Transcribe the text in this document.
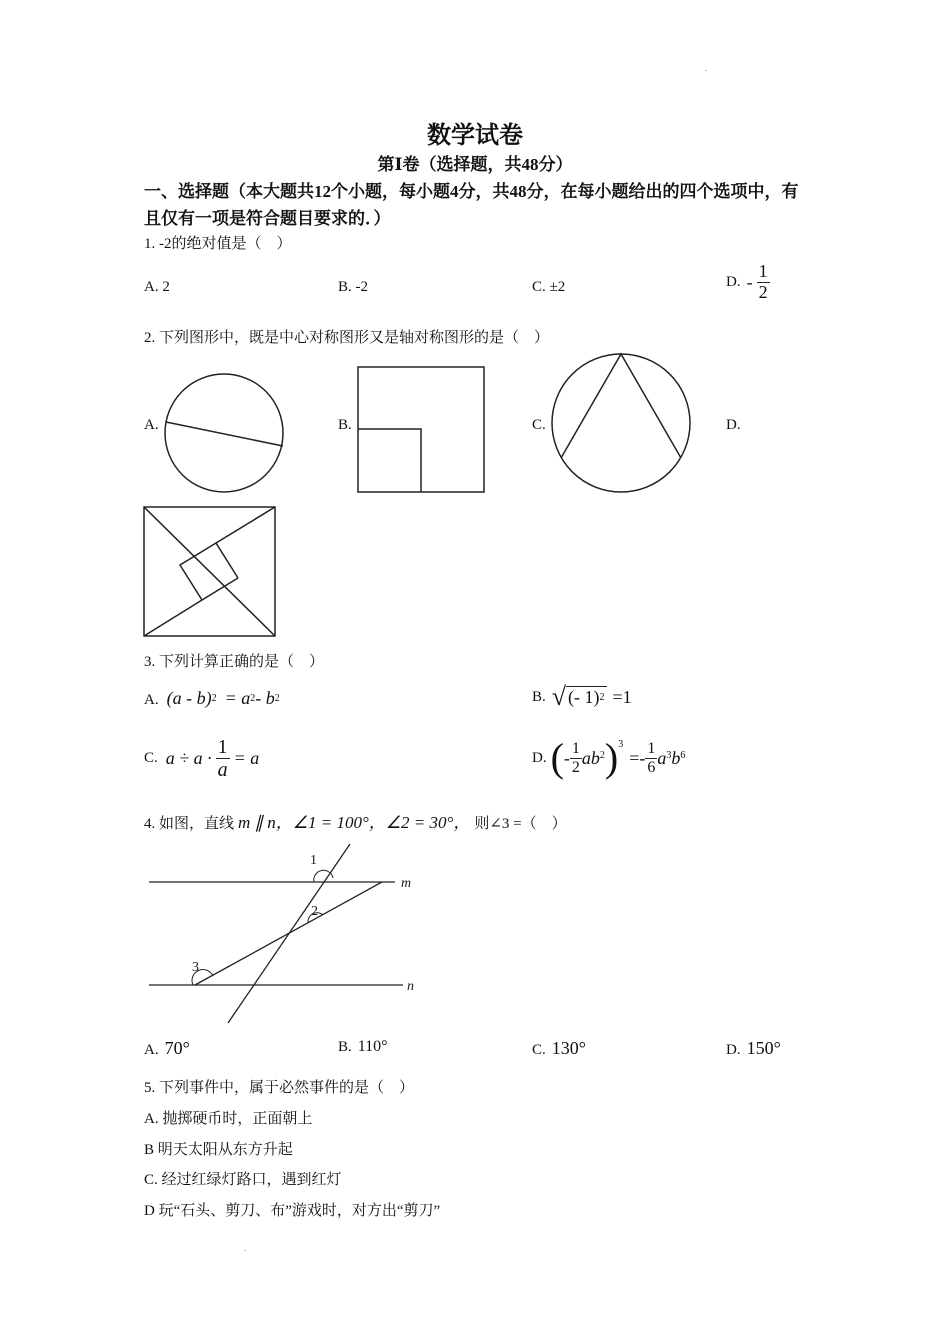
数学试卷
第Ⅰ卷（选择题，共48分）
一、选择题（本大题共12个小题，每小题4分，共48分，在每小题给出的四个选项中，有且仅有一项是符合题目要求的．）
1. -2的绝对值是（　）
A. 2	B. -2	C. ±2	D. - $\frac{1}{2}$
2. 下列图形中，既是中心对称图形又是轴对称图形的是（　）
A.	B.	C.	D.
3. 下列计算正确的是（　）
A. $(a - b)^2 = a^2 - b^2$	B. √ (- 1)$^2$ =1
C. $a \div a \cdot \frac{1}{a} = a$	D. ( - $\frac{1}{2} ab^2$ )$^3$
=- $\frac{1}{6} a^3$ $b^6$
4. 如图，直线 m ∥ n，∠1 = 100°，∠2 = 30°， 则∠3 =（　）
1
2
3
m
n
A. 70°	B. 110°	C. 130°	D. 150°
5. 下列事件中，属于必然事件的是（　）
A. 抛掷硬币时，正面朝上
B 明天太阳从东方升起
C. 经过红绿灯路口，遇到红灯
D 玩“石头、剪刀、布”游戏时，对方出“剪刀”
